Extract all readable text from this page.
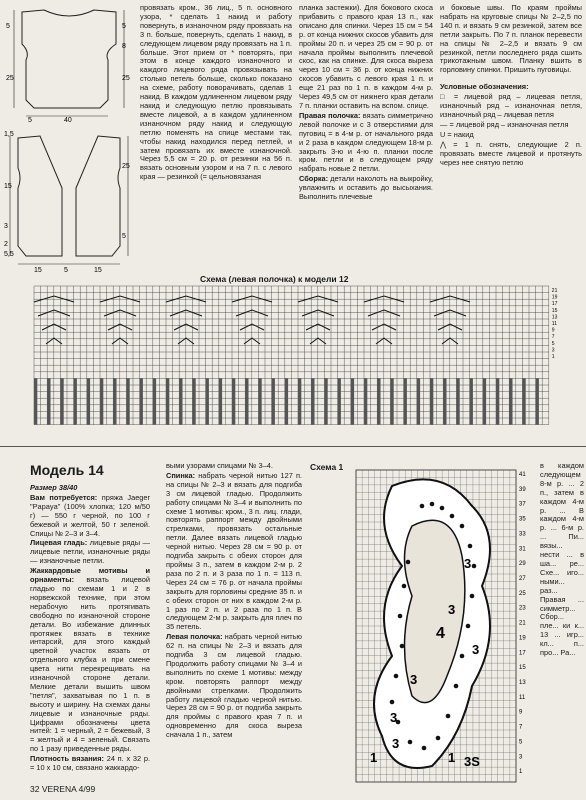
5
8
25
5
25
40
5
1,5
25
5
15
3
2
5,5
15	15
5

провязать кром., 36 лиц., 5 п. основного узора, * сделать 1 накид и работу повернуть, в изнаночном ряду провязать на 3 п. больше, повернуть, сделать 1 накид, в следующем лицевом ряду провязать на 1 п. больше. Этот прием от * повторять, при этом в конце каждого изнаночного и каждого лицевого ряда провязывать на столько петель больше, сколько показано на схеме, работу поворачивать, сделав 1 накид. В каждом удлиненном лицевом ряду накид и следующую петлю провязывать вместе лицевой, а в каждом удлиненном изнаночном ряду накид и следующую петлю поменять на спице местами так, чтобы накид находился перед петлей, и затем провязать их вместе изнаночной. Через 5,5 см = 20 р. от резинки на 56 п. вязать основным узором и на 7 п. с левого края — резинкой (= цельновязаная

планка застежки). Для бокового скоса прибавить с правого края 13 п., как описано для спинки. Через 15 см = 54 р. от конца нижних скосов убавить для проймы 20 п. и через 25 см = 90 р. от начала проймы выполнить плечевой скос, как на спинке. Для скоса выреза через 10 см = 36 р. от конца нижних скосов убавить с левого края 1 п. и еще 21 раз по 1 п. в каждом 4-м р. Через 49,5 см от нижнего края детали 7 п. планки оставить на вспом. спице.

Правая полочка: вязать симметрично левой полочке и с 3 отверстиями для пуговиц = в 4-м р. от начального ряда и 2 раза в каждом следующем 18-м р. закрыть 3-ю и 4-ю п. планки после кром. петли и в следующем ряду набрать новые 2 петли.

Сборка: детали наколоть на выкройку, увлажнить и оставить до высыхания. Выполнить плечевые

и боковые швы. По краям проймы набрать на круговые спицы № 2–2,5 по 140 п. и вязать 9 см резинкой, затем все петли закрыть. По 7 п. планок перевести на спицы № 2–2,5 и вязать 9 см резинкой, петли последнего ряда сшить трикотажным швом. Планку вшить в горловину спинки. Пришить пуговицы.

Условные обозначения:

□ = лицевой ряд – лицевая петля, изнаночный ряд – изнаночная петля, изнаночный ряд – лицевая петля

— = лицевой ряд – изнаночная петля

U = накид

⋀ = 1 п. снять, следующие 2 п. провязать вместе лицевой и протянуть через нее снятую петлю

Схема (левая полочка) к модели 12
21
19
17
15
13
11
9
7
5
3
1
Модель 14

Размер 38/40

Вам потребуется: пряжа Jaeger "Papaya" (100% хлопка; 120 м/50 г) — 550 г черной, по 100 г бежевой и желтой, 50 г зеленой. Спицы № 2–3 и 3–4.

Лицевая гладь: лицевые ряды — лицевые петли, изнаночные ряды — изнаночные петли.

Жаккардовые мотивы и орнаменты: вязать лицевой гладью по схемам 1 и 2 в норвежской технике, при этом нерабочую нить протягивать свободно по изнаночной стороне детали. Во избежание длинных протяжек вязать в технике интарсий, для этого каждый цветной участок вязать от отдельного клубка и при смене цвета нити перекрещивать на изнаночной стороне детали. Мелкие детали вышить швом "петля", захватывая по 1 п. в высоту и ширину. На схемах даны лицевые и изнаночные ряды. Цифрами обозначены цвета нитей: 1 = черный, 2 = бежевый, 3 = желтый и 4 = зеленый. Связать по 1 разу приведенные ряды.

Плотность вязания: 24 п. х 32 р. = 10 х 10 см, связано жаккардо-

выми узорами спицами № 3–4.

Спинка: набрать черной нитью 127 п. на спицы № 2–3 и вязать для подгиба 3 см лицевой гладью. Продолжить работу спицами № 3–4 и выполнить по схеме 1 мотивы: кром., 3 п. лиц. глади, повторять раппорт между двойными стрелками, провязать остальные петли. Далее вязать лицевой гладью черной нитью. Через 28 см = 90 р. от подгиба закрыть с обеих сторон для проймы 3 п., затем в каждом 2-м р. 2 раза по 2 п. и 3 раза по 1 п. = 113 п. Через 24 см = 76 р. от начала проймы закрыть для горловины средние 35 п. и с обеих сторон от них в каждом 2-м р. 1 раз по 2 п. и 2 раза по 1 п. В следующем 2-м р. закрыть для плеч по 35 петель.

Левая полочка: набрать черной нитью 62 п. на спицы № 2–3 и вязать для подгиба 3 см лицевой гладью. Продолжить работу спицами № 3–4 и выполнить по схеме 1 мотивы: между кром. повторять раппорт между двойными стрелками. Продолжить работу лицевой гладью черной нитью. Через 28 см = 90 р. от подгиба закрыть для проймы с правого края 7 п. и одновременно для скоса выреза сначала 1 п., затем

Схема 1
3
3
3
3
4
1	1
3
3
3S
41
39
37
35
33
31
29
27
25
23
21
19
17
15
13
11
9
7
5
3
1

в каждом следующем 8-м р. ... 2 п., затем в каждом 4-м р. ... В каждом 4-м р. ... 6-м р. ... Пи... вязы... нести ... в ша... ре... Схе... иго... ными... раз... Правая ... симметр... Сбор... пле... ки к... 13 ... игр... кл... п... про... Ра...

32 VERENA 4/99
